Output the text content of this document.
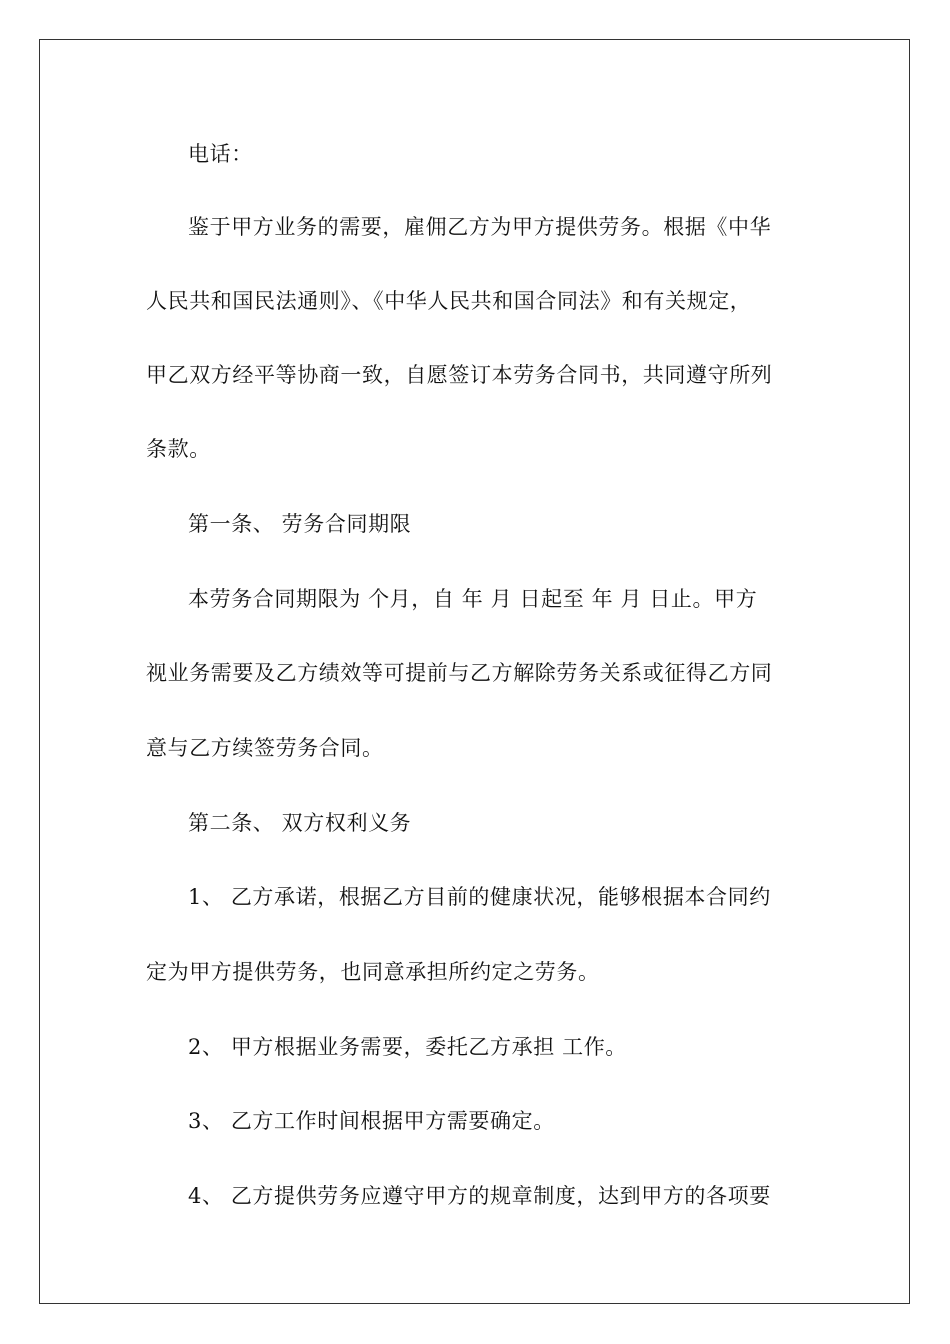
电话：
鉴于甲方业务的需要，雇佣乙方为甲方提供劳务。根据《中华
人民共和国民法通则》、《中华人民共和国合同法》和有关规定，
甲乙双方经平等协商一致，自愿签订本劳务合同书，共同遵守所列
条款。
第一条、 劳务合同期限
本劳务合同期限为 个月，自 年 月 日起至 年 月 日止。甲方
视业务需要及乙方绩效等可提前与乙方解除劳务关系或征得乙方同
意与乙方续签劳务合同。
第二条、 双方权利义务
1、 乙方承诺，根据乙方目前的健康状况，能够根据本合同约
定为甲方提供劳务，也同意承担所约定之劳务。
2、 甲方根据业务需要，委托乙方承担 工作。
3、 乙方工作时间根据甲方需要确定。
4、 乙方提供劳务应遵守甲方的规章制度，达到甲方的各项要
